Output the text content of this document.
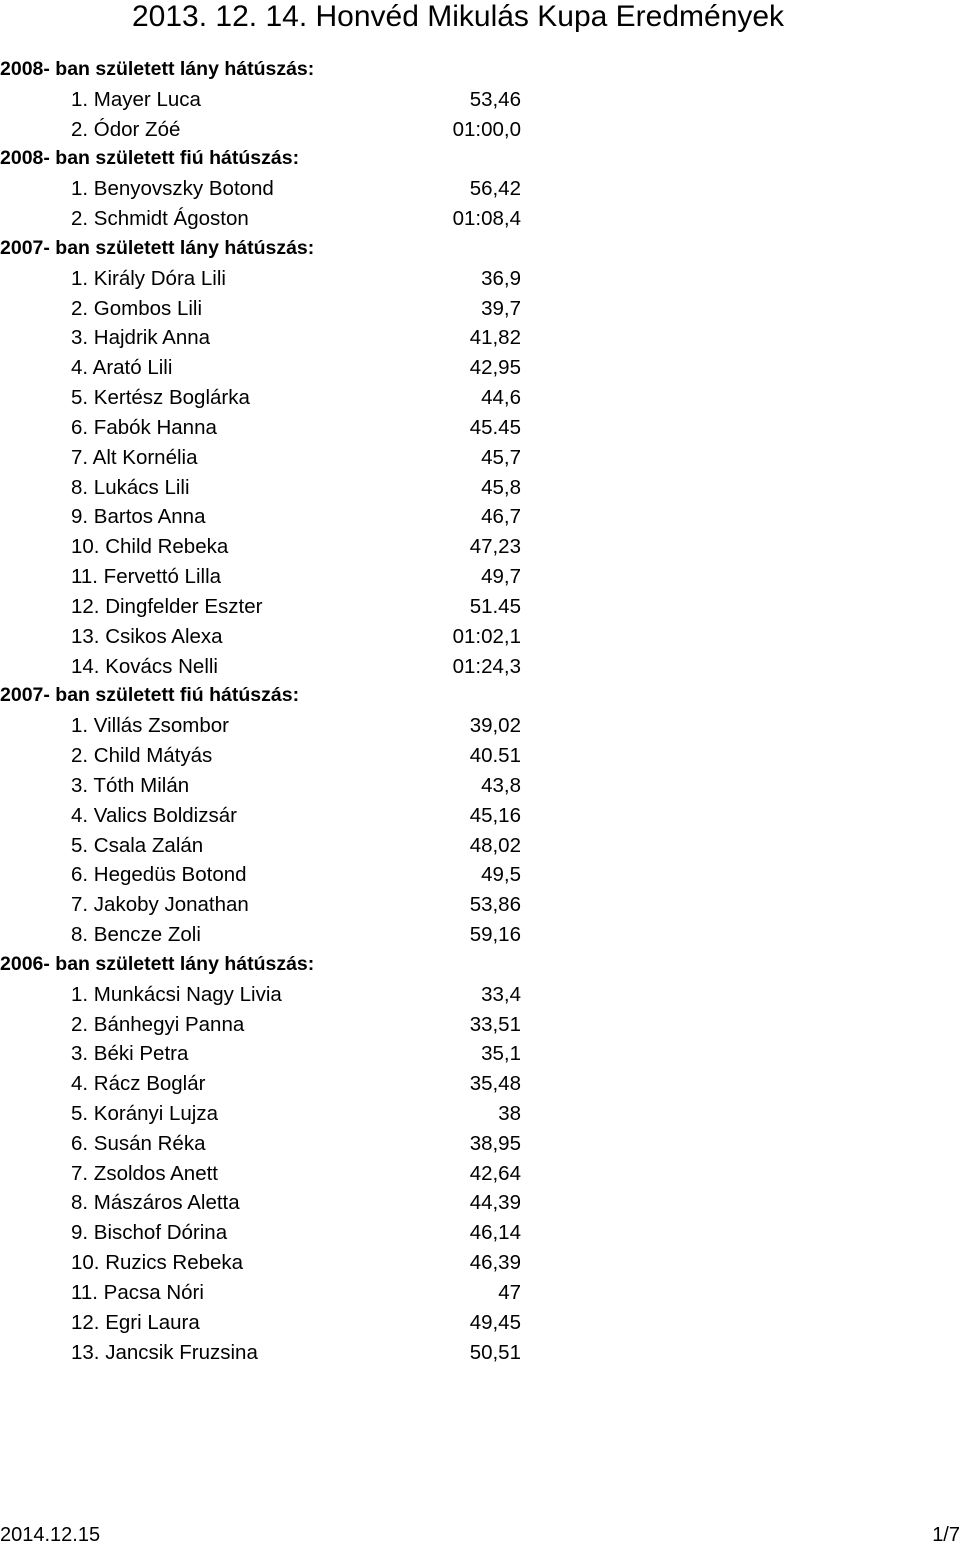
2013. 12. 14. Honvéd Mikulás Kupa Eredmények
2008- ban született lány hátúszás:
1. Mayer Luca	53,46
2. Ódor Zóé	01:00,0
2008- ban született fiú hátúszás:
1. Benyovszky Botond	56,42
2. Schmidt Ágoston	01:08,4
2007- ban született lány hátúszás:
1. Király Dóra Lili	36,9
2. Gombos Lili	39,7
3. Hajdrik Anna	41,82
4. Arató Lili	42,95
5. Kertész Boglárka	44,6
6. Fabók Hanna	45.45
7. Alt Kornélia	45,7
8. Lukács Lili	45,8
9. Bartos Anna	46,7
10. Child Rebeka	47,23
11. Fervettó Lilla	49,7
12. Dingfelder Eszter	51.45
13. Csikos Alexa	01:02,1
14. Kovács Nelli	01:24,3
2007- ban született fiú hátúszás:
1. Villás Zsombor	39,02
2. Child Mátyás	40.51
3. Tóth Milán	43,8
4. Valics Boldizsár	45,16
5. Csala Zalán	48,02
6. Hegedüs Botond	49,5
7. Jakoby Jonathan	53,86
8. Bencze Zoli	59,16
2006- ban született lány hátúszás:
1. Munkácsi Nagy Livia	33,4
2. Bánhegyi Panna	33,51
3. Béki Petra	35,1
4. Rácz Boglár	35,48
5. Korányi Lujza	38
6. Susán Réka	38,95
7. Zsoldos Anett	42,64
8. Mászáros Aletta	44,39
9. Bischof Dórina	46,14
10. Ruzics Rebeka	46,39
11. Pacsa Nóri	47
12. Egri Laura	49,45
13. Jancsik Fruzsina	50,51
2014.12.15	1/7
